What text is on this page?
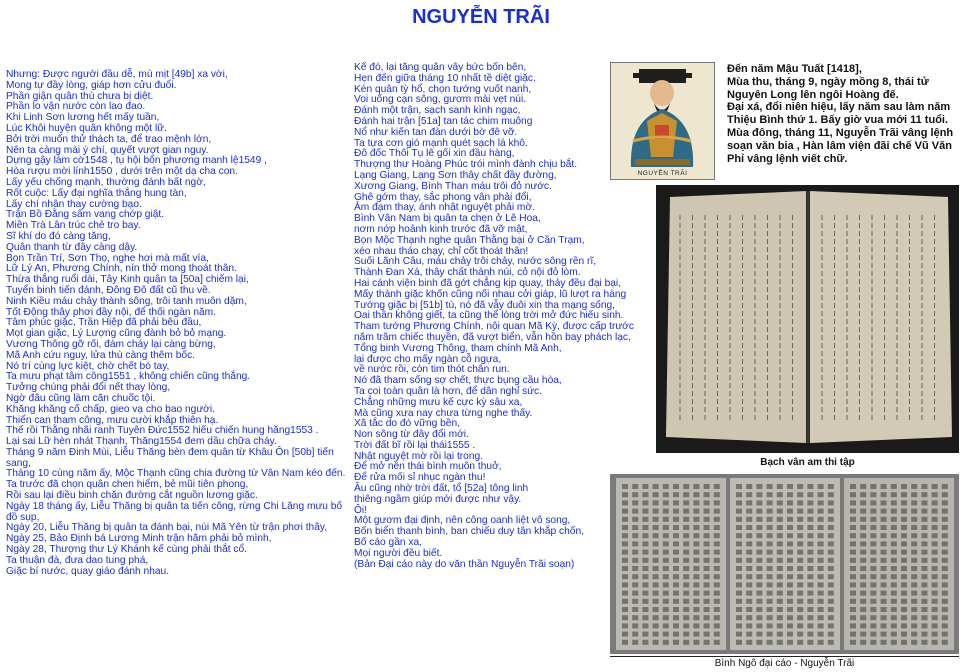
NGUYỄN TRÃI
Nhưng: Được người đầu dễ, mù mịt [49b] xa vời,
Mong tự đầy lòng, giáp hơn cửu đuổi.
Phần giận quân thù chưa bị diệt.
Phần lo vận nước còn lao đao.
Khi Linh Sơn lương hết mấy tuần,
Lúc Khôi huyện quân không một lữ.
Bởi trời muốn thử thách ta, để trao mệnh lớn,
Nên ta càng mài ý chí, quyết vượt gian nguy.
Dựng gậy làm cờ1548 , tụ hội bốn phương manh lệ1549 ,
Hòa rượu mời lính1550 , dưới trên một dạ cha con.
Lấy yếu chống mạnh, thường đánh bất ngờ,
Rốt cuộc: Lấy đại nghĩa thắng hung tàn,
Lấy chí nhân thay cường bạo.
Trận Bồ Đằng sấm vang chớp giật.
Miền Trà Lân trúc chẻ tro bay.
Sĩ khí do đó càng tăng,
Quân thanh từ đây càng dậy.
Bọn Trần Trí, Sơn Thọ, nghe hơi mà mất vía,
Lữ Lý An, Phương Chính, nín thở mong thoát thân.
Thừa thắng ruổi dài, Tây Kinh quân ta [50a] chiếm lại,
Tuyển binh tiến đánh, Đông Đô đất cũ thu về.
Ninh Kiều máu chảy thành sông, trôi tanh muôn dặm,
Tốt Động thây phơi đầy nội, để thối ngàn năm.
Tâm phúc giặc, Trần Hiệp đã phải bêu đầu,
Mọt gian giặc, Lý Lượng cũng đành bỏ bỏ mạng.
Vương Thông gỡ rối, đám cháy lại càng bừng,
Mã Anh cứu nguy, lửa thù càng thêm bốc.
Nó trí cùng lực kiệt, chờ chết bó tay,
Ta mưu phạt tâm công1551 , không chiến cũng thắng.
Tưởng chúng phải đổi nết thay lòng,
Ngờ đâu cũng làm căn chuốc tội.
Khăng khăng cố chấp, gieo vạ cho bao người.
Thiển can tham công, mưu cười khắp thiên hạ.
Thế rồi Thằng nhãi ranh Tuyên Đức1552 hiếu chiến hung hăng1553 .
Lại sai Lữ hèn nhát Thạnh, Thăng1554 đem dầu chữa cháy.
Tháng 9 năm Đinh Mùi, Liễu Thăng bèn đem quân từ Khâu Ôn [50b] tiến
sang,
Tháng 10 cùng năm ấy, Mộc Thạnh cũng chia đường từ Vân Nam kéo đến.
Ta trước đã chọn quân chen hiểm, bẻ mũi tiên phong,
Rồi sau lại điều binh chặn đường cắt nguồn lương giặc.
Ngày 18 tháng ấy, Liễu Thăng bị quân ta tiến công, rừng Chi Lăng mưu bố
đồ sụp,
Ngày 20, Liễu Thăng bị quân ta đánh bại, núi Mã Yên từ trận phơi thây,
Ngày 25, Bảo Định bá Lương Minh trận hãm phải bỏ mình,
Ngày 28, Thượng thư Lý Khánh kế cùng phải thắt cổ.
Ta thuận đà, đưa dao tung phá,
Giặc bí nước, quay giáo đánh nhau.
Kế đó, lại tăng quân vây bức bốn bên,
Hẹn đến giữa tháng 10 nhất tề diệt giặc.
Kén quân tỳ hổ, chọn tướng vuốt nanh,
Voi uống cạn sông, gươm mài vẹt núi.
Đánh một trận, sạch sanh kình ngạc,
Đánh hai trận [51a] tan tác chim muông
Nổ như kiến tan đàn dưới bờ đê vỡ.
Ta tựa cơn gió mạnh quét sạch lá khô.
Đô đốc Thôi Tụ lê gối xin đầu hàng,
Thượng thư Hoàng Phúc trói mình đành chịu bắt.
Lạng Giang, Lạng Sơn thây chất đầy đường,
Xương Giang, Bình Than máu trôi đỏ nước.
Ghê gớm thay, sắc phong vân phải đổi,
Ảm đạm thay, ánh nhật nguyệt phải mờ.
Bình Vân Nam bị quân ta chẹn ở Lê Hoa,
nơm nớp hoảnh kinh trước đã vỡ mật,
Bọn Mộc Thạnh nghe quân Thằng bại ở Cần Trạm,
xéo nhau tháo chạy, chỉ cốt thoát thân!
Suối Lãnh Câu, máu chảy trôi chảy, nước sông rền rĩ,
Thành Đan Xá, thây chất thành núi, cỏ nội đỏ lòm.
Hai cánh viện binh đã gớt chẳng kịp quay, thảy đều đại bại,
Mấy thành giặc khốn cũng nối nhau cởi giáp, lũ lượt ra hàng
Tướng giặc bị [51b] tù, nó đã vẫy đuôi xin tha mạng sống,
Oai thần không giết, ta cũng thể lòng trời mở đức hiếu sinh.
Tham tướng Phương Chính, nội quan Mã Kỳ, được cấp trước
năm trăm chiếc thuyền, đã vượt biển, vẫn hồn bay phách lạc,
Tổng binh Vương Thông, tham chính Mã Anh,
lại được cho mấy ngàn cỗ ngựa,
về nước rồi, còn tim thót chân run.
Nó đã tham sống sợ chết, thực bụng cầu hòa,
Ta coi toàn quân là hơn, để dân nghỉ sức.
Chẳng những mưu kế cực kỳ sâu xa,
Mà cũng xưa nay chưa từng nghe thấy.
Xã tắc do đó vững bền,
Non sông từ đây đổi mới.
Trời đất bĩ rồi lại thái1555 .
Nhật nguyệt mờ rồi lại trong.
Để mở nền thái bình muôn thuở,
Để rửa mối sỉ nhục ngàn thu!
Âu cũng nhờ trời đất, tổ [52a] tông linh
thiêng ngầm giúp mới được như vậy.
Ôi!
Một gươm đại định, nên công oanh liệt vô song,
Bốn biển thanh bình, ban chiếu duy tân khắp chốn,
Bố cáo gần xa,
Mọi người đều biết.
(Bản Đại cáo này do văn thần Nguyễn Trãi soạn)
NGUYỄN TRÃI
Đến năm Mậu Tuất [1418],
Mùa thu, tháng 9, ngày mồng 8, thái tử
Nguyên Long lên ngôi Hoàng đế.
Đại xá, đổi niên hiệu, lấy năm sau làm năm
Thiệu Bình thứ 1. Bấy giờ vua mới 11 tuổi.
Mùa đông, tháng 11, Nguyễn Trãi vâng lệnh
soạn văn bia , Hàn lâm viện đãi chế Vũ Văn
Phỉ vâng lệnh viết chữ.
Bạch vân am thi tập
Bình Ngô đại cáo - Nguyễn Trãi
